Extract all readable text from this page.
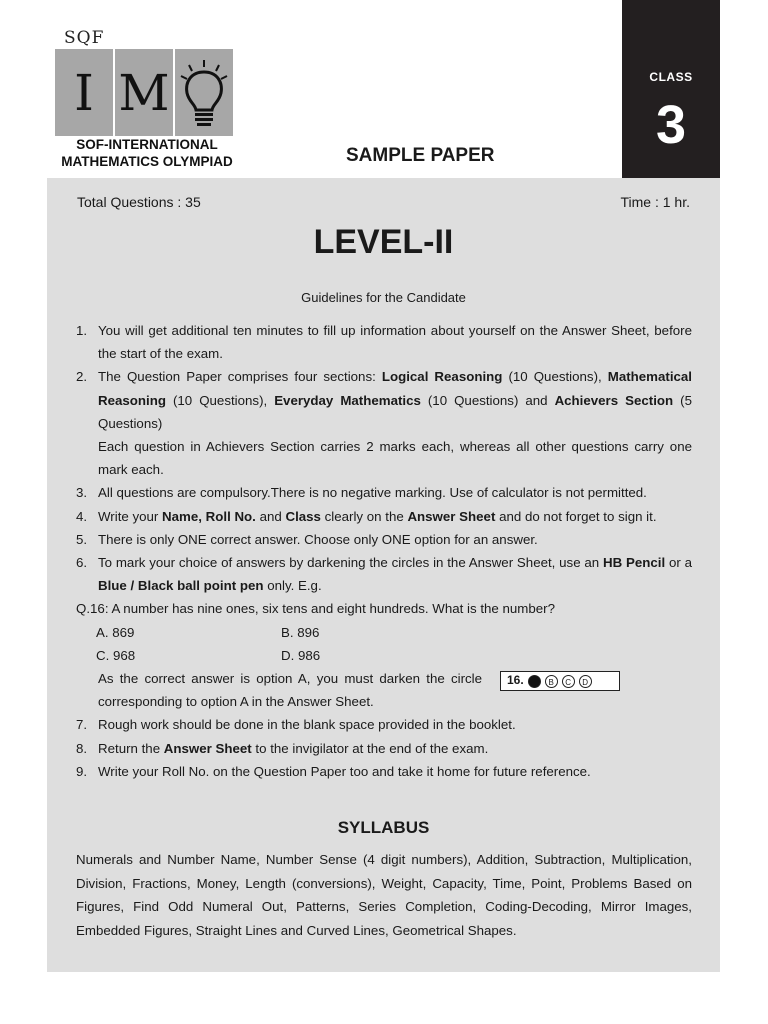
SQF
I M
SOF-INTERNATIONAL
MATHEMATICS OLYMPIAD	SAMPLE PAPER
CLASS
3
Total Questions : 35	Time : 1 hr.
LEVEL-II
Guidelines for the Candidate
1. You will get additional ten minutes to fill up information about yourself on the Answer Sheet, before the start of the exam.
2. The Question Paper comprises four sections: Logical Reasoning (10 Questions), Mathematical Reasoning (10 Questions), Everyday Mathematics (10 Questions) and Achievers Section (5 Questions)
Each question in Achievers Section carries 2 marks each, whereas all other questions carry one mark each.
3. All questions are compulsory.There is no negative marking. Use of calculator is not permitted.
4. Write your Name, Roll No. and Class clearly on the Answer Sheet and do not forget to sign it.
5. There is only ONE correct answer. Choose only ONE option for an answer.
6. To mark your choice of answers by darkening the circles in the Answer Sheet, use an HB Pencil or a Blue / Black ball point pen only. E.g.
Q.16: A number has nine ones, six tens and eight hundreds. What is the number?
A. 869	B. 896
C. 968	D. 986
As the correct answer is option A, you must darken the circle corresponding to option A in the Answer Sheet.
16.	B	C	D
7. Rough work should be done in the blank space provided in the booklet.
8. Return the Answer Sheet to the invigilator at the end of the exam.
9. Write your Roll No. on the Question Paper too and take it home for future reference.
SYLLABUS
Numerals and Number Name, Number Sense (4 digit numbers), Addition, Subtraction, Multiplication, Division, Fractions, Money, Length (conversions), Weight, Capacity, Time, Point, Problems Based on Figures, Find Odd Numeral Out, Patterns, Series Completion, Coding-Decoding, Mirror Images, Embedded Figures, Straight Lines and Curved Lines, Geometrical Shapes.
